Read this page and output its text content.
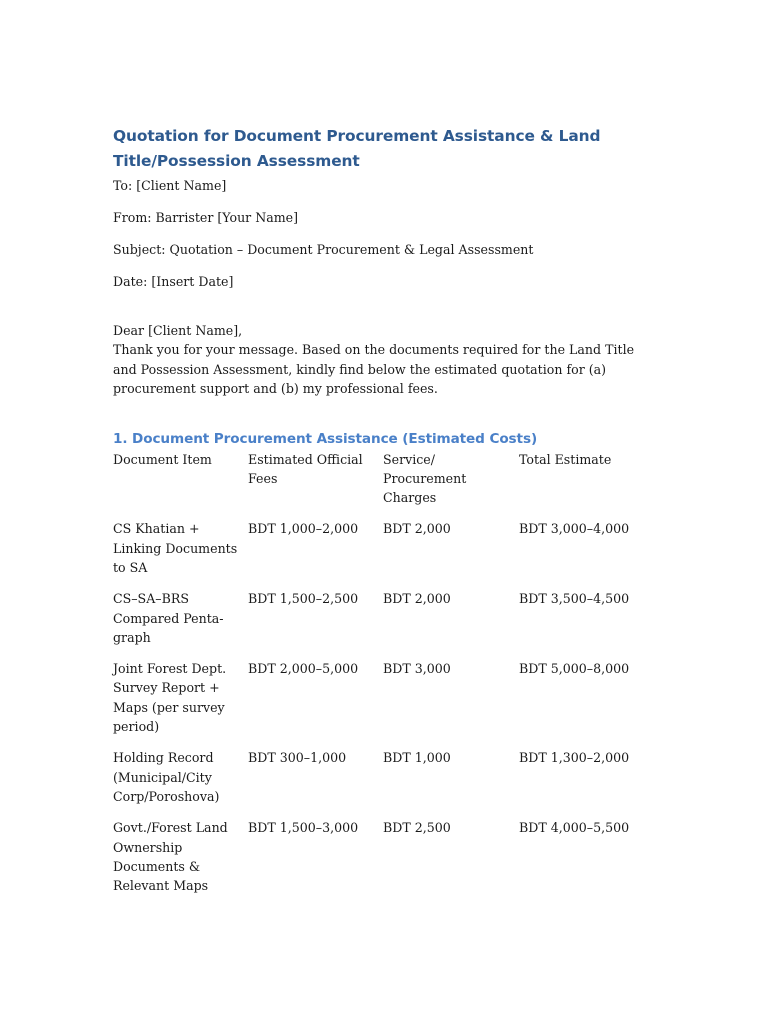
Quotation for Document Procurement Assistance & Land Title/Possession Assessment

To: [Client Name]

From: Barrister [Your Name]

Subject: Quotation – Document Procurement & Legal Assessment

Date: [Insert Date]

Dear [Client Name],

Thank you for your message. Based on the documents required for the Land Title and Possession Assessment, kindly find below the estimated quotation for (a) procurement support and (b) my professional fees.

1. Document Procurement Assistance (Estimated Costs)
Document Item	Estimated Official Fees	Service/ Procurement Charges	Total Estimate
CS Khatian + Linking Documents to SA	BDT 1,000–2,000	BDT 2,000	BDT 3,000–4,000
CS–SA–BRS Compared Penta-graph	BDT 1,500–2,500	BDT 2,000	BDT 3,500–4,500
Joint Forest Dept. Survey Report + Maps (per survey period)	BDT 2,000–5,000	BDT 3,000	BDT 5,000–8,000
Holding Record (Municipal/City Corp/Poroshova)	BDT 300–1,000	BDT 1,000	BDT 1,300–2,000
Govt./Forest Land Ownership Documents & Relevant Maps	BDT 1,500–3,000	BDT 2,500	BDT 4,000–5,500
